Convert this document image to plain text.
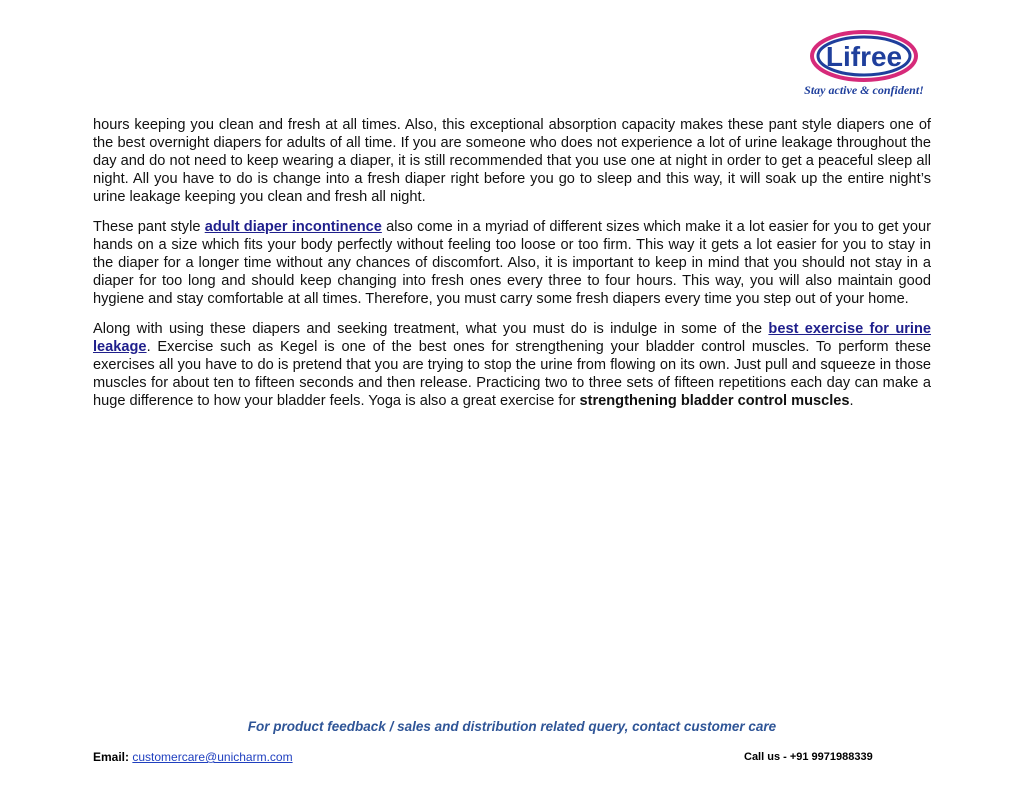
Lifree
Stay active & confident!

hours keeping you clean and fresh at all times. Also, this exceptional absorption capacity makes these pant style diapers one of the best overnight diapers for adults of all time. If you are someone who does not experience a lot of urine leakage throughout the day and do not need to keep wearing a diaper, it is still recommended that you use one at night in order to get a peaceful sleep all night. All you have to do is change into a fresh diaper right before you go to sleep and this way, it will soak up the entire night’s urine leakage keeping you clean and fresh all night.

These pant style adult diaper incontinence also come in a myriad of different sizes which make it a lot easier for you to get your hands on a size which fits your body perfectly without feeling too loose or too firm. This way it gets a lot easier for you to stay in the diaper for a longer time without any chances of discomfort. Also, it is important to keep in mind that you should not stay in a diaper for too long and should keep changing into fresh ones every three to four hours. This way, you will also maintain good hygiene and stay comfortable at all times. Therefore, you must carry some fresh diapers every time you step out of your home.

Along with using these diapers and seeking treatment, what you must do is indulge in some of the best exercise for urine leakage. Exercise such as Kegel is one of the best ones for strengthening your bladder control muscles. To perform these exercises all you have to do is pretend that you are trying to stop the urine from flowing on its own. Just pull and squeeze in those muscles for about ten to fifteen seconds and then release. Practicing two to three sets of fifteen repetitions each day can make a huge difference to how your bladder feels. Yoga is also a great exercise for strengthening bladder control muscles.

For product feedback / sales and distribution related query, contact customer care
Email: customercare@unicharm.com	Call us - +91 9971988339
